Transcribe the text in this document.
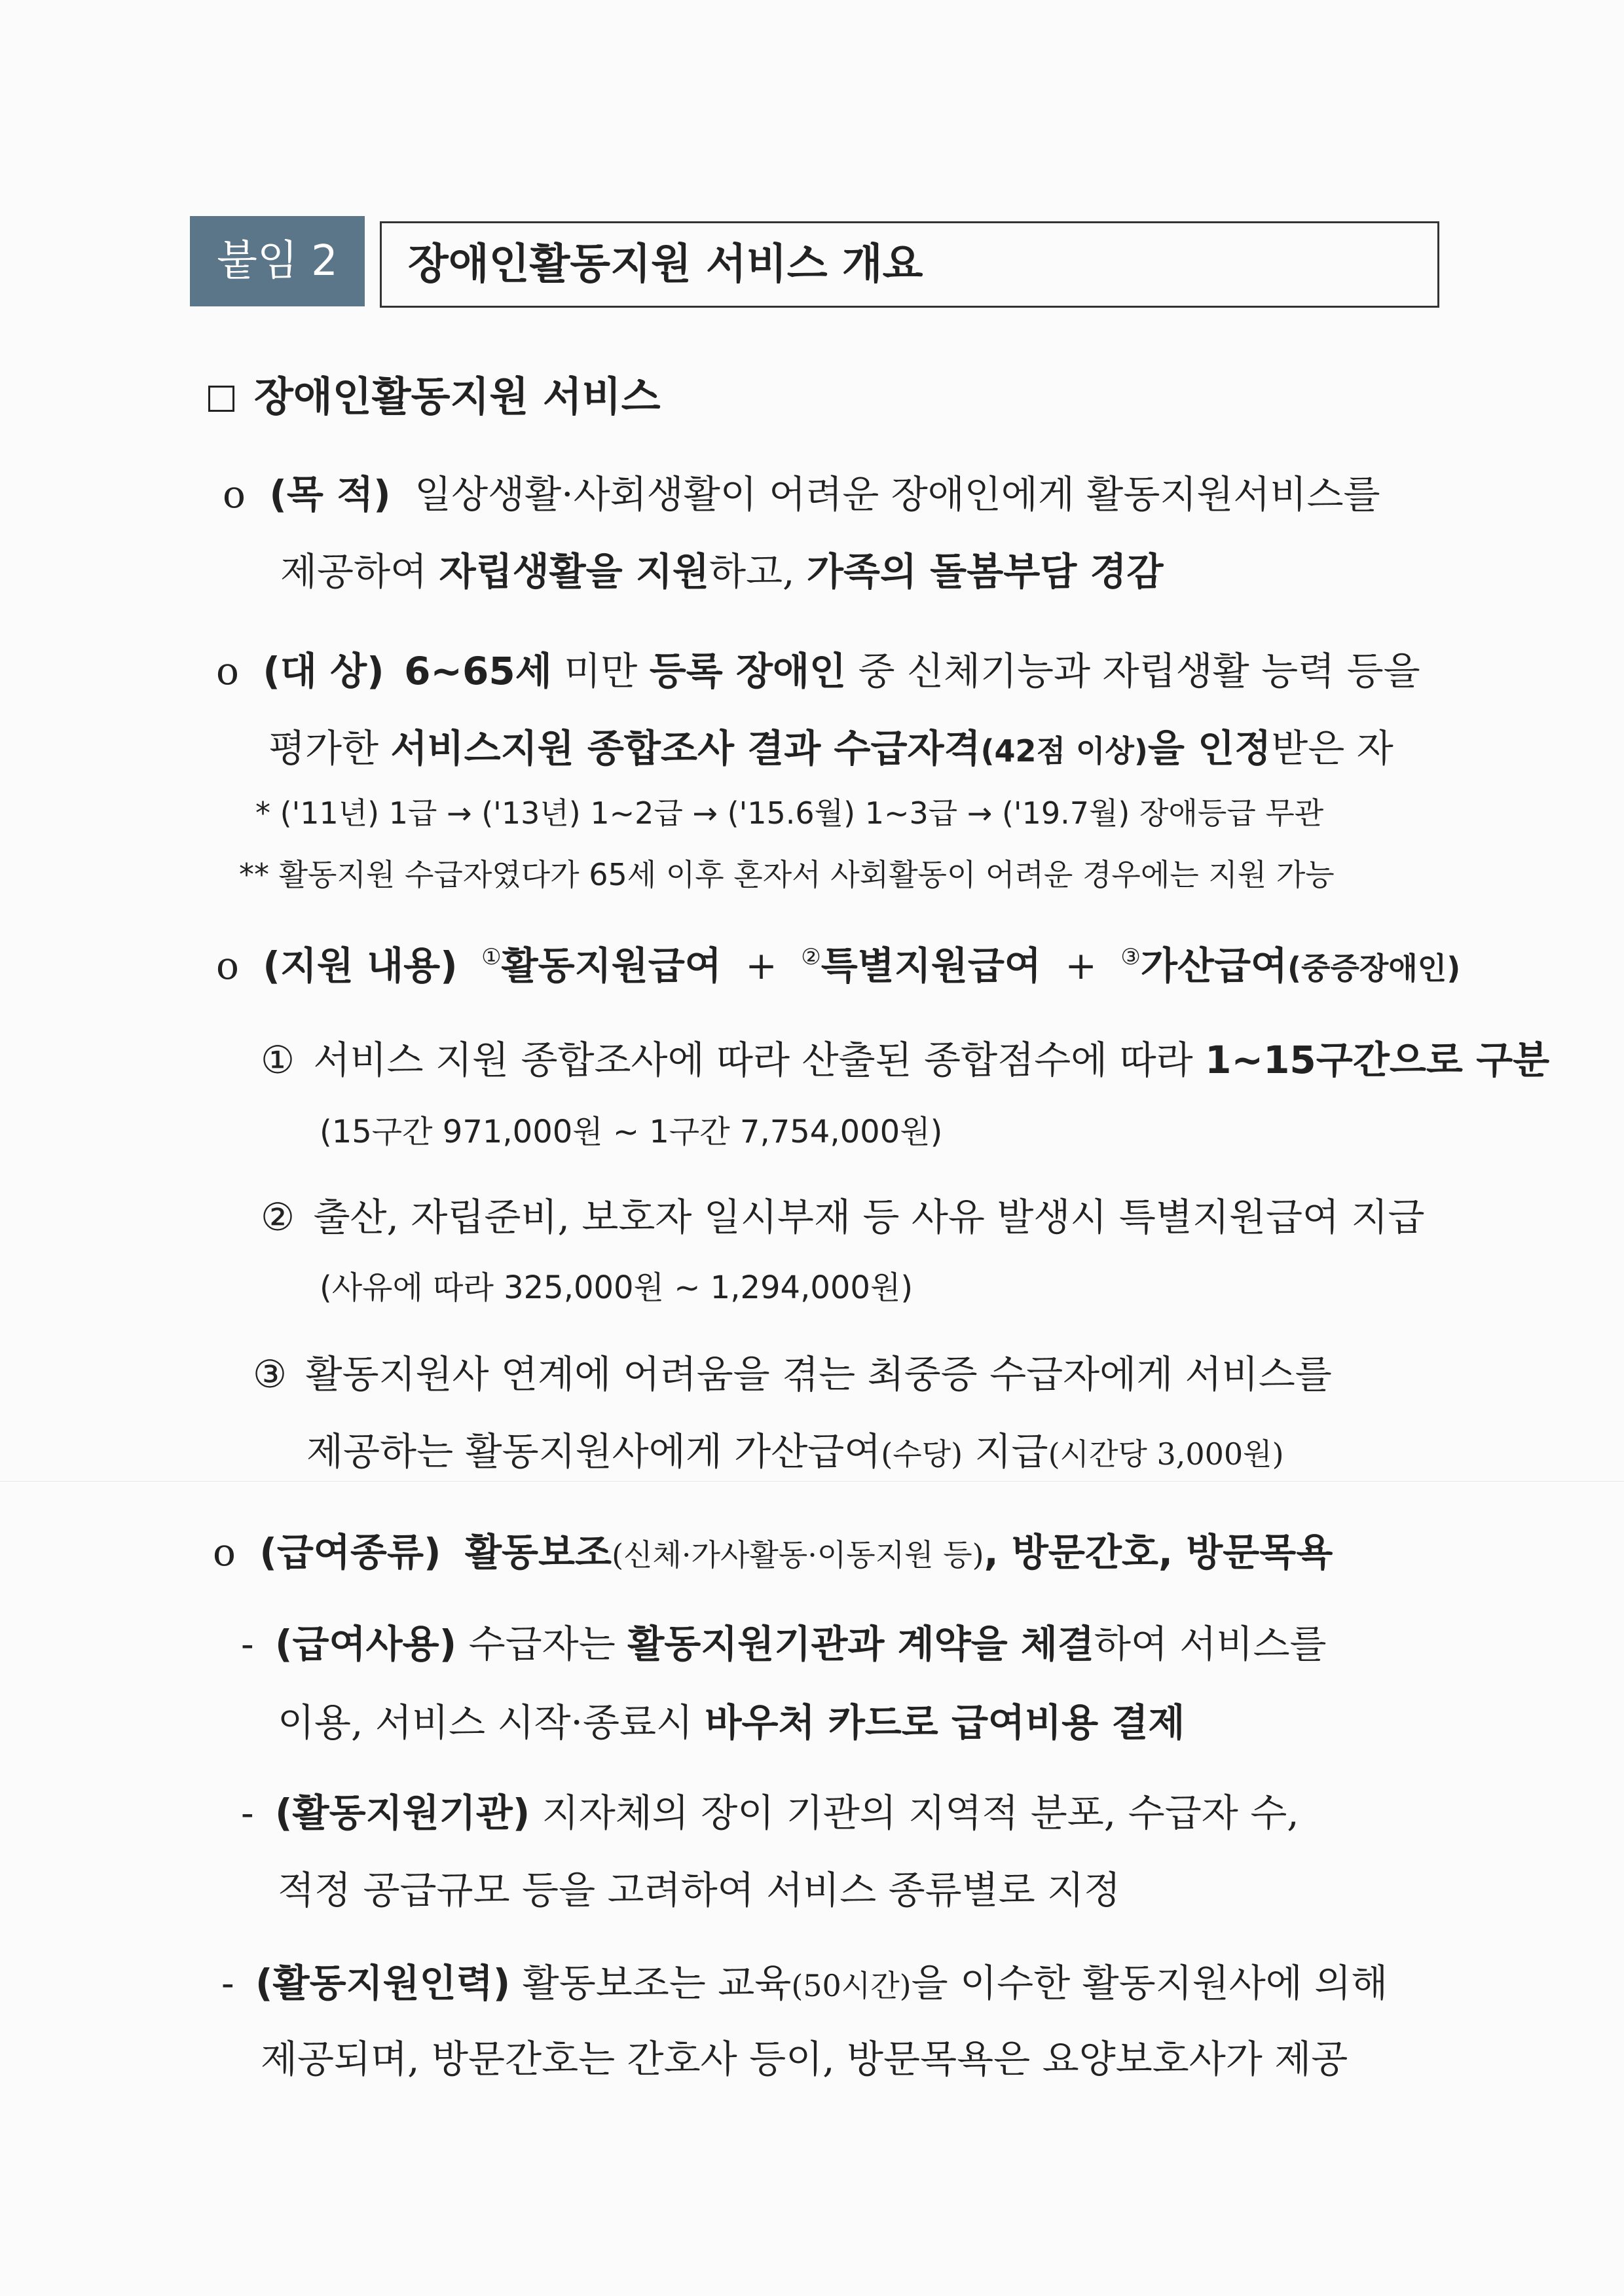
붙임 2	장애인활동지원 서비스 개요
장애인활동지원 서비스
o (목 적) 일상생활·사회생활이 어려운 장애인에게 활동지원서비스를
제공하여 자립생활을 지원하고, 가족의 돌봄부담 경감
o (대 상) 6~65세 미만 등록 장애인 중 신체기능과 자립생활 능력 등을
평가한 서비스지원 종합조사 결과 수급자격(42점 이상)을 인정받은 자
* ('11년) 1급 → ('13년) 1~2급 → ('15.6월) 1~3급 → ('19.7월) 장애등급 무관
** 활동지원 수급자였다가 65세 이후 혼자서 사회활동이 어려운 경우에는 지원 가능
o (지원 내용) ①활동지원급여 + ②특별지원급여 + ③가산급여(중증장애인)
① 서비스 지원 종합조사에 따라 산출된 종합점수에 따라 1~15구간으로 구분
(15구간 971,000원 ~ 1구간 7,754,000원)
② 출산, 자립준비, 보호자 일시부재 등 사유 발생시 특별지원급여 지급
(사유에 따라 325,000원 ~ 1,294,000원)
③ 활동지원사 연계에 어려움을 겪는 최중증 수급자에게 서비스를
제공하는 활동지원사에게 가산급여(수당) 지급(시간당 3,000원)
o (급여종류) 활동보조(신체·가사활동·이동지원 등), 방문간호, 방문목욕
- (급여사용) 수급자는 활동지원기관과 계약을 체결하여 서비스를
이용, 서비스 시작·종료시 바우처 카드로 급여비용 결제
- (활동지원기관) 지자체의 장이 기관의 지역적 분포, 수급자 수,
적정 공급규모 등을 고려하여 서비스 종류별로 지정
- (활동지원인력) 활동보조는 교육(50시간)을 이수한 활동지원사에 의해
제공되며, 방문간호는 간호사 등이, 방문목욕은 요양보호사가 제공
